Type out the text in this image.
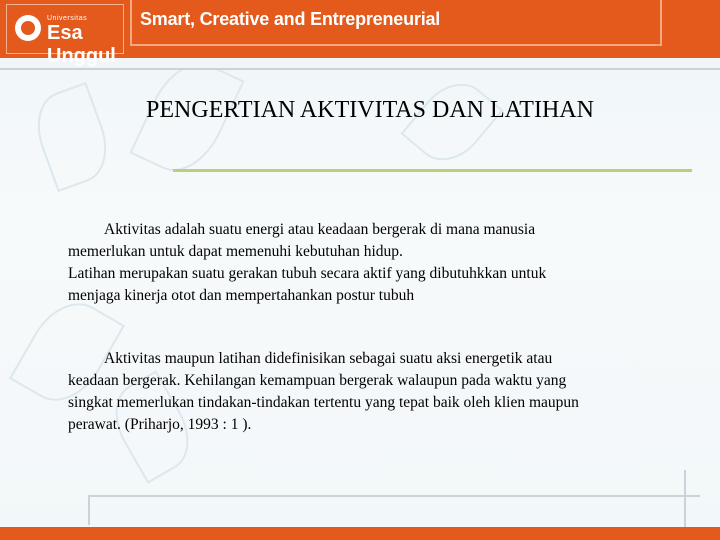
Universitas
Esa Unggul
Smart, Creative and Entrepreneurial
PENGERTIAN AKTIVITAS DAN LATIHAN

Aktivitas adalah suatu energi atau keadaan bergerak di mana manusia

memerlukan untuk dapat memenuhi kebutuhan hidup.

Latihan merupakan suatu gerakan tubuh secara aktif yang dibutuhkkan untuk

menjaga kinerja otot dan mempertahankan postur tubuh

Aktivitas maupun latihan didefinisikan sebagai suatu aksi energetik atau

keadaan bergerak. Kehilangan kemampuan bergerak walaupun pada waktu yang

singkat memerlukan tindakan-tindakan tertentu yang tepat baik oleh klien maupun

perawat. (Priharjo, 1993 : 1 ).
